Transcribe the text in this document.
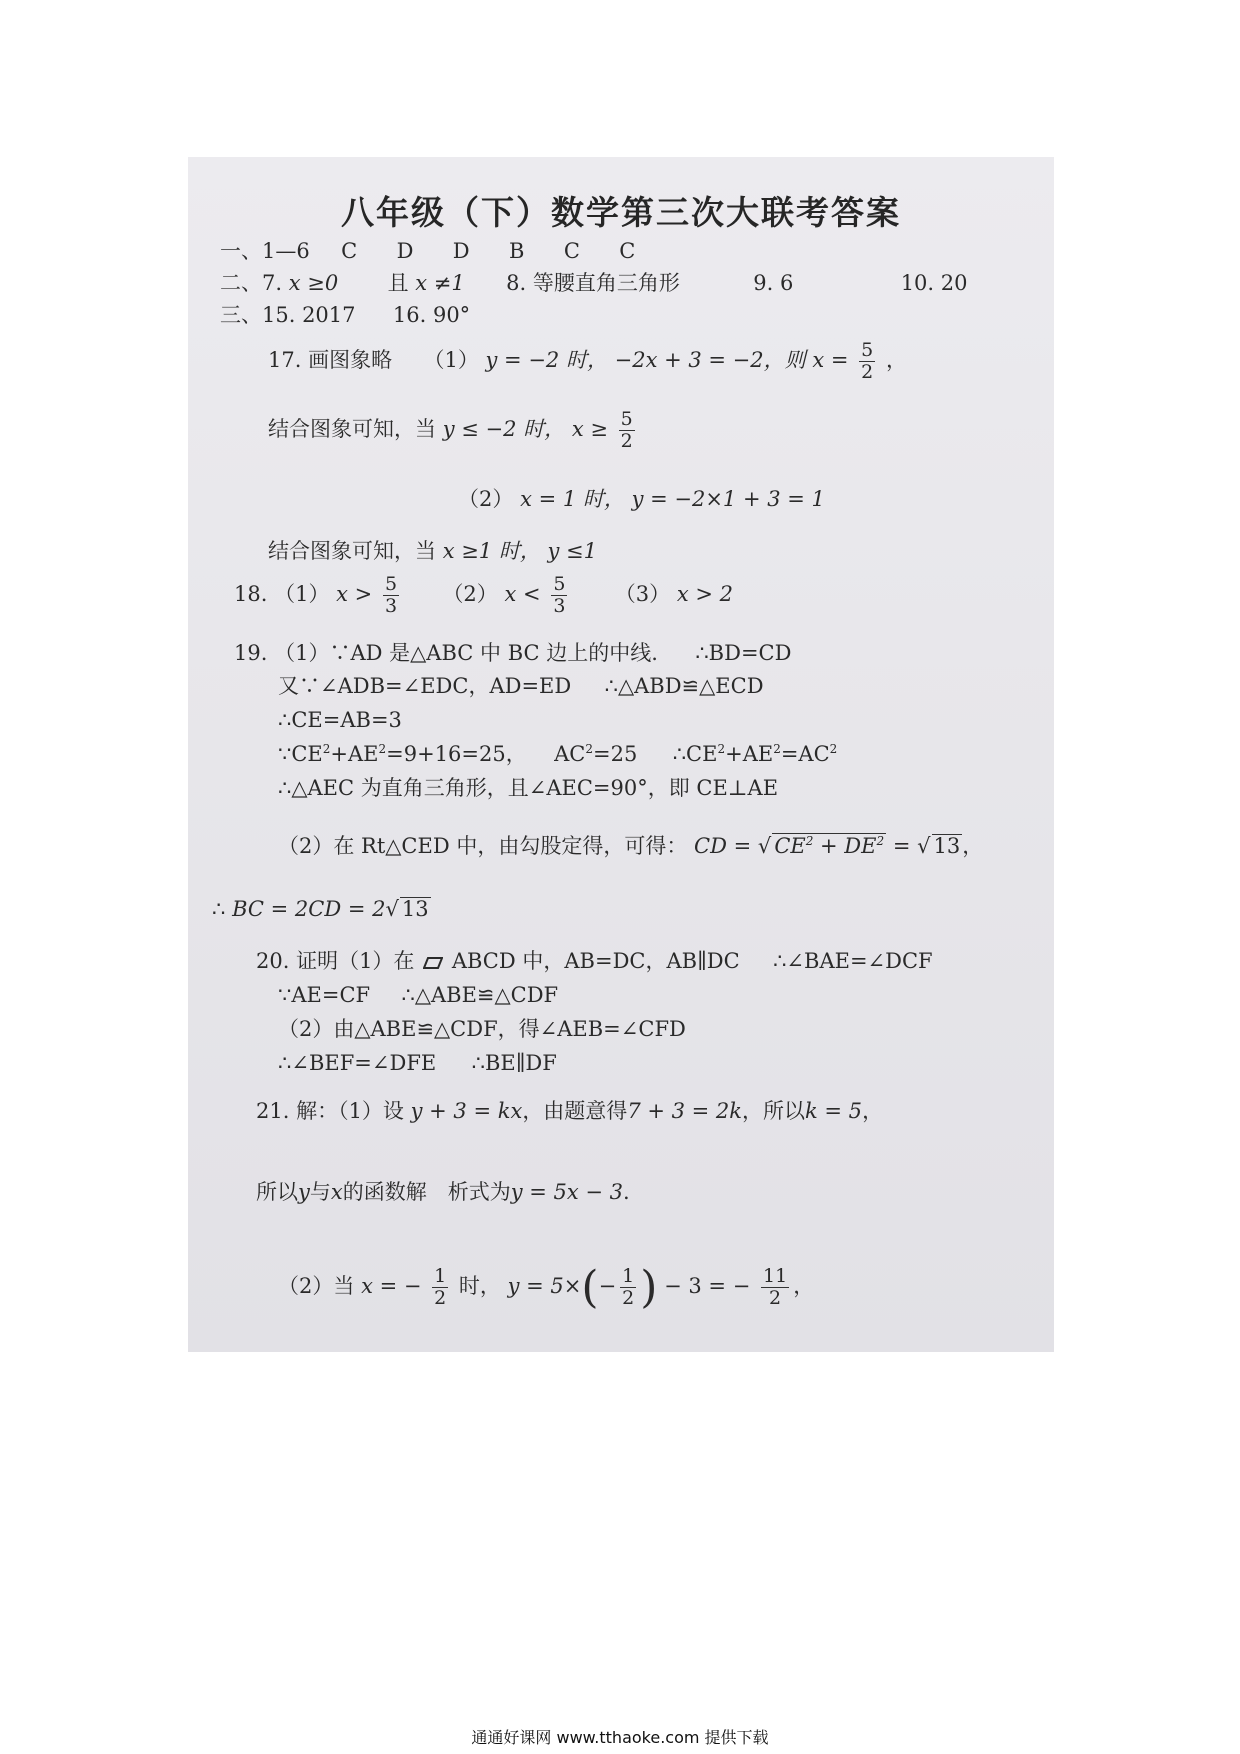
八年级（下）数学第三次大联考答案
一、1—6 C D D B C C
二、7. x ≥0 且 x ≠1 8. 等腰直角三角形	9. 6	10. 20
三、15. 2017 16. 90°
17. 画图象略 （1） y = −2 时， −2x + 3 = −2，则 $x = \frac{5}{2}$ ，
结合图象可知，当 y ≤ −2 时， $x \ge \frac{5}{2}$
（2） x = 1 时， y = −2×1 + 3 = 1
结合图象可知，当 x ≥1 时， y ≤1
18. （1） $x > \frac{5}{3} (2) x < \frac{5}{3} (3) x > 2$
19. （1）∵AD 是△ABC 中 BC 边上的中线. ∴BD=CD
又∵∠ADB=∠EDC，AD=ED ∴△ABD≌△ECD
∴CE=AB=3
$\because CE^2+AE^2=9+16=25$， $AC^2=25$ $\therefore CE^2+AE^2=AC^2$
∴△AEC 为直角三角形，且∠AEC=90°，即 CE⊥AE
（2）在 Rt△CED 中，由勾股定得，可得： CD = √ $CE^2 + DE^2$ = √ 13，
∴ BC = 2CD = 2√ 13
20. 证明（1）在 ABCD 中，AB=DC，AB∥DC ∴∠BAE=∠DCF
∵AE=CF ∴△ABE≌△CDF
（2）由△ABE≌△CDF，得∠AEB=∠CFD
∴∠BEF=∠DFE ∴BE∥DF
21. 解：（1）设 y + 3 = kx，由题意得7 + 3 = 2k，所以k = 5，
所以y与x的函数解　析式为y = 5x − 3.
（2）当 x = − $\frac{1}{2}$ 时， $y = 5\times(- \frac{1}{2}$ ) − 3 = − $\frac{11}{2}$ ，
通通好课网 www.tthaoke.com 提供下载
